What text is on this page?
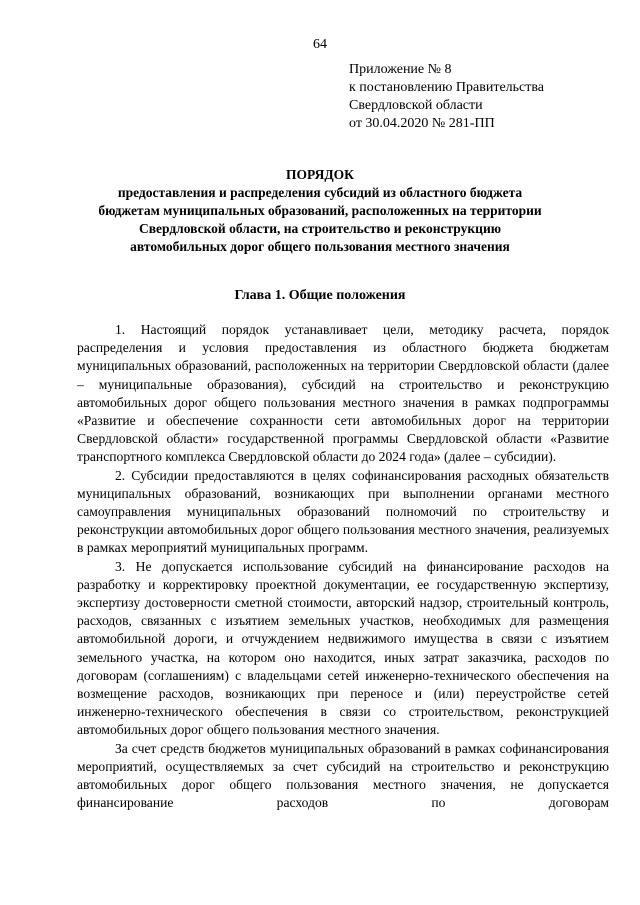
64
Приложение № 8
к постановлению Правительства
Свердловской области
от 30.04.2020 № 281-ПП
ПОРЯДОК
предоставления и распределения субсидий из областного бюджета
бюджетам муниципальных образований, расположенных на территории
Свердловской области, на строительство и реконструкцию
автомобильных дорог общего пользования местного значения
Глава 1. Общие положения

1. Настоящий порядок устанавливает цели, методику расчета, порядок распределения и условия предоставления из областного бюджета бюджетам муниципальных образований, расположенных на территории Свердловской области (далее – муниципальные образования), субсидий на строительство и реконструкцию автомобильных дорог общего пользования местного значения в рамках подпрограммы «Развитие и обеспечение сохранности сети автомобильных дорог на территории Свердловской области» государственной программы Свердловской области «Развитие транспортного комплекса Свердловской области до 2024 года» (далее – субсидии).

2. Субсидии предоставляются в целях софинансирования расходных обязательств муниципальных образований, возникающих при выполнении органами местного самоуправления муниципальных образований полномочий по строительству и реконструкции автомобильных дорог общего пользования местного значения, реализуемых в рамках мероприятий муниципальных программ.

3. Не допускается использование субсидий на финансирование расходов на разработку и корректировку проектной документации, ее государственную экспертизу, экспертизу достоверности сметной стоимости, авторский надзор, строительный контроль, расходов, связанных с изъятием земельных участков, необходимых для размещения автомобильной дороги, и отчуждением недвижимого имущества в связи с изъятием земельного участка, на котором оно находится, иных затрат заказчика, расходов по договорам (соглашениям) с владельцами сетей инженерно-технического обеспечения на возмещение расходов, возникающих при переносе и (или) переустройстве сетей инженерно-технического обеспечения в связи со строительством, реконструкцией автомобильных дорог общего пользования местного значения.

За счет средств бюджетов муниципальных образований в рамках софинансирования мероприятий, осуществляемых за счет субсидий на строительство и реконструкцию автомобильных дорог общего пользования местного значения, не допускается финансирование расходов по договорам
